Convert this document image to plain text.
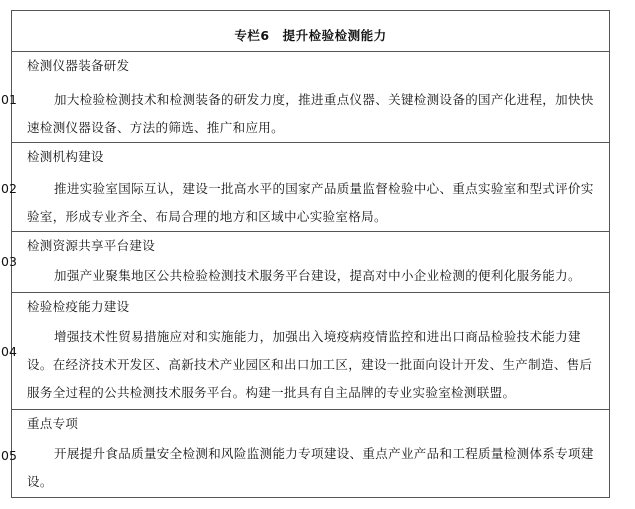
专栏6　提升检验检测能力
检测仪器装备研发
01	加大检验检测技术和检测装备的研发力度，推进重点仪器、关键检测设备的国产化进程，加快快速检测仪器设备、方法的筛选、推广和应用。
检测机构建设
02	推进实验室国际互认，建设一批高水平的国家产品质量监督检验中心、重点实验室和型式评价实验室，形成专业齐全、布局合理的地方和区域中心实验室格局。
检测资源共享平台建设
03
加强产业聚集地区公共检验检测技术服务平台建设，提高对中小企业检测的便利化服务能力。
检验检疫能力建设
04
增强技术性贸易措施应对和实施能力，加强出入境疫病疫情监控和进出口商品检验技术能力建设。在经济技术开发区、高新技术产业园区和出口加工区，建设一批面向设计开发、生产制造、售后服务全过程的公共检测技术服务平台。构建一批具有自主品牌的专业实验室检测联盟。
重点专项
05	开展提升食品质量安全检测和风险监测能力专项建设、重点产业产品和工程质量检测体系专项建设。
